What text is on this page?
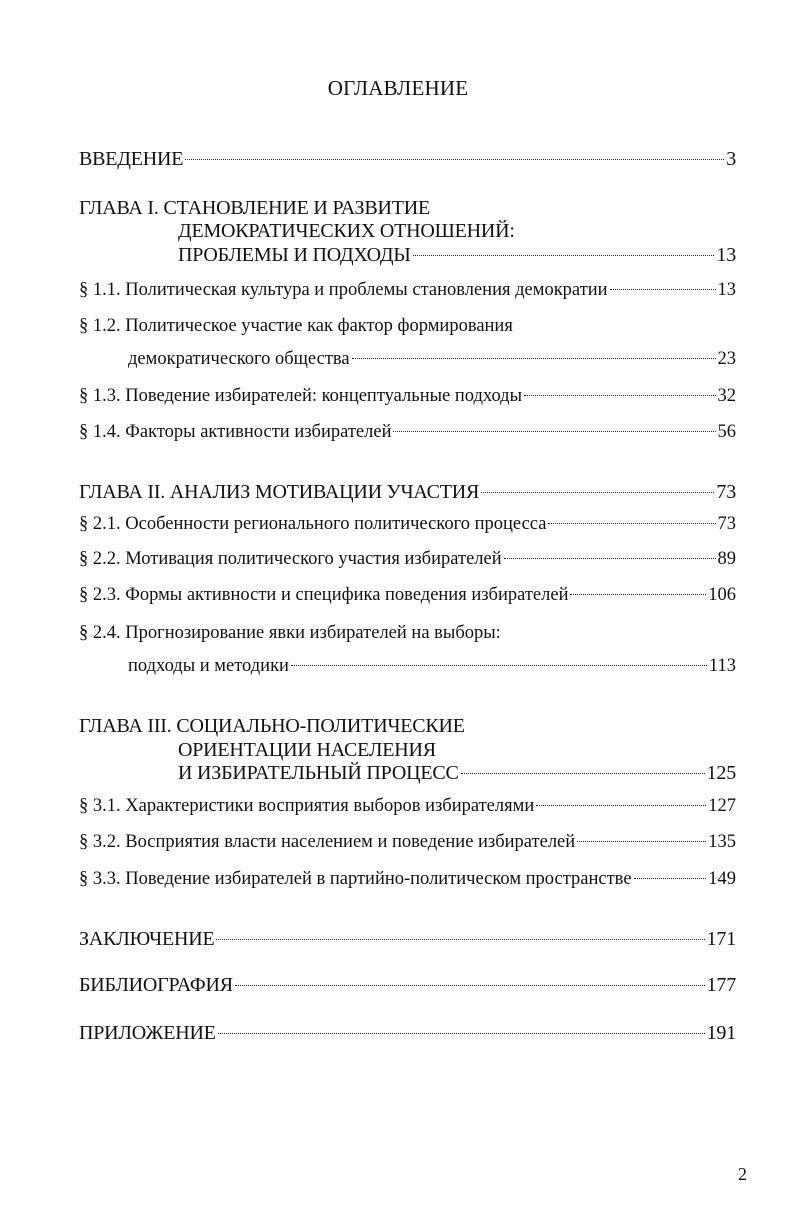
ОГЛАВЛЕНИЕ
ВВЕДЕНИЕ	3
ГЛАВА I. СТАНОВЛЕНИЕ И РАЗВИТИЕ
ДЕМОКРАТИЧЕСКИХ ОТНОШЕНИЙ:
ПРОБЛЕМЫ И ПОДХОДЫ	13
§ 1.1. Политическая культура и проблемы становления демократии	13
§ 1.2. Политическое участие как фактор формирования
демократического общества	23
§ 1.3. Поведение избирателей: концептуальные подходы	32
§ 1.4. Факторы активности избирателей	56
ГЛАВА II. АНАЛИЗ МОТИВАЦИИ УЧАСТИЯ	73
§ 2.1. Особенности регионального политического процесса	73
§ 2.2. Мотивация политического участия избирателей	89
§ 2.3. Формы активности и специфика поведения избирателей	106
§ 2.4. Прогнозирование явки избирателей на выборы:
подходы и методики	113
ГЛАВА III. СОЦИАЛЬНО-ПОЛИТИЧЕСКИЕ
ОРИЕНТАЦИИ НАСЕЛЕНИЯ
И ИЗБИРАТЕЛЬНЫЙ ПРОЦЕСС	125
§ 3.1. Характеристики восприятия выборов избирателями	127
§ 3.2. Восприятия власти населением и поведение избирателей	135
§ 3.3. Поведение избирателей в партийно-политическом пространстве	149
ЗАКЛЮЧЕНИЕ	171
БИБЛИОГРАФИЯ	177
ПРИЛОЖЕНИЕ	191
2
